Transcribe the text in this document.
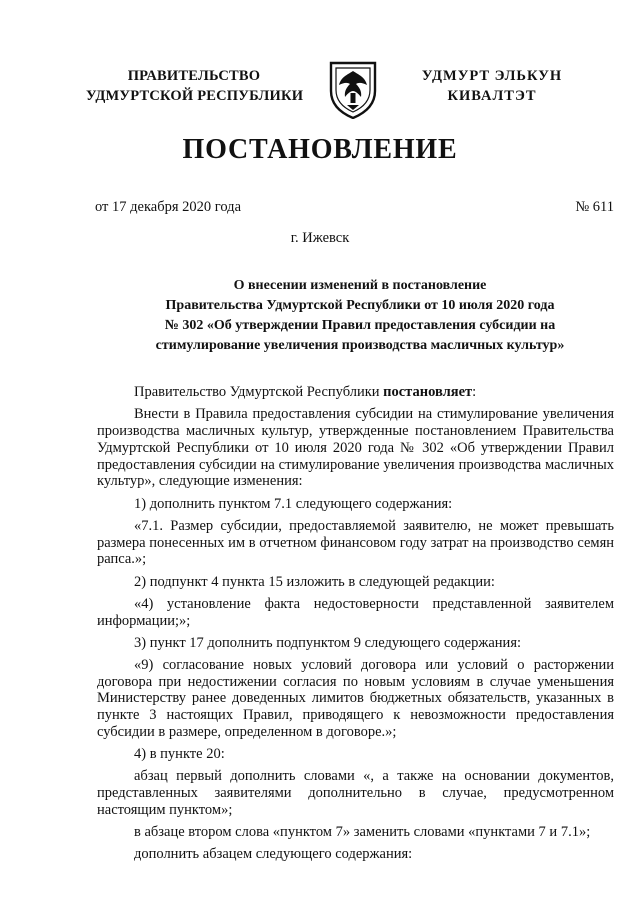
ПРАВИТЕЛЬСТВО
УДМУРТСКОЙ РЕСПУБЛИКИ
УДМУРТ ЭЛЬКУН
КИВАЛТЭТ
ПОСТАНОВЛЕНИЕ
от 17 декабря 2020 года	№ 611
г. Ижевск
О внесении изменений в постановление
Правительства Удмуртской Республики от 10 июля 2020 года
№ 302 «Об утверждении Правил предоставления субсидии на
стимулирование увеличения производства масличных культур»

Правительство Удмуртской Республики постановляет:

Внести в Правила предоставления субсидии на стимулирование увеличения производства масличных культур, утвержденные постановлением Правительства Удмуртской Республики от 10 июля 2020 года № 302 «Об утверждении Правил предоставления субсидии на стимулирование увеличения производства масличных культур», следующие изменения:

1) дополнить пунктом 7.1 следующего содержания:

«7.1. Размер субсидии, предоставляемой заявителю, не может превышать размера понесенных им в отчетном финансовом году затрат на производство семян рапса.»;

2) подпункт 4 пункта 15 изложить в следующей редакции:

«4) установление факта недостоверности представленной заявителем информации;»;

3) пункт 17 дополнить подпунктом 9 следующего содержания:

«9) согласование новых условий договора или условий о расторжении договора при недостижении согласия по новым условиям в случае уменьшения Министерству ранее доведенных лимитов бюджетных обязательств, указанных в пункте 3 настоящих Правил, приводящего к невозможности предоставления субсидии в размере, определенном в договоре.»;

4) в пункте 20:

абзац первый дополнить словами «, а также на основании документов, представленных заявителями дополнительно в случае, предусмотренном настоящим пунктом»;

в абзаце втором слова «пунктом 7» заменить словами «пунктами 7 и 7.1»;

дополнить абзацем следующего содержания:
